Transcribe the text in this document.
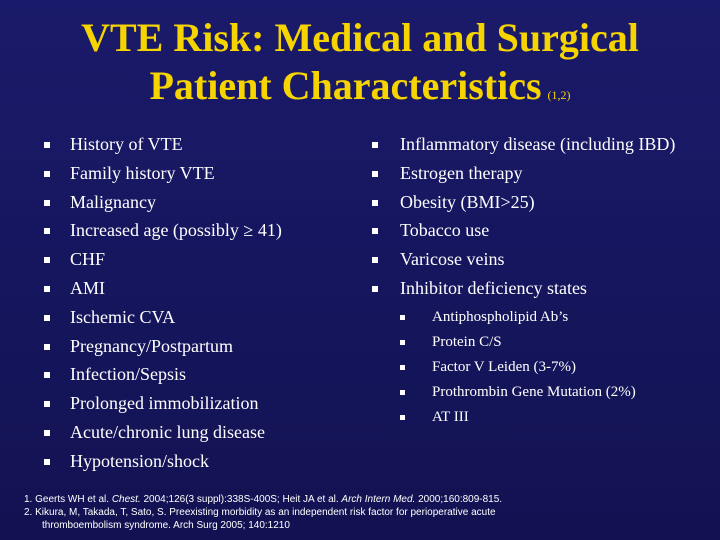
VTE Risk: Medical and Surgical
Patient Characteristics (1,2)
History of VTE
Family history VTE
Malignancy
Increased age (possibly ≥ 41)
CHF
AMI
Ischemic CVA
Pregnancy/Postpartum
Infection/Sepsis
Prolonged immobilization
Acute/chronic lung disease
Hypotension/shock
Inflammatory disease (including IBD)
Estrogen therapy
Obesity (BMI>25)
Tobacco use
Varicose veins
Inhibitor deficiency states
Antiphospholipid Ab’s
Protein C/S
Factor V Leiden (3-7%)
Prothrombin Gene Mutation (2%)
AT III
1. Geerts WH et al. Chest. 2004;126(3 suppl):338S-400S; Heit JA et al. Arch Intern Med. 2000;160:809-815.
2. Kikura, M, Takada, T, Sato, S. Preexisting morbidity as an independent risk factor for perioperative acute
thromboembolism syndrome. Arch Surg 2005; 140:1210
